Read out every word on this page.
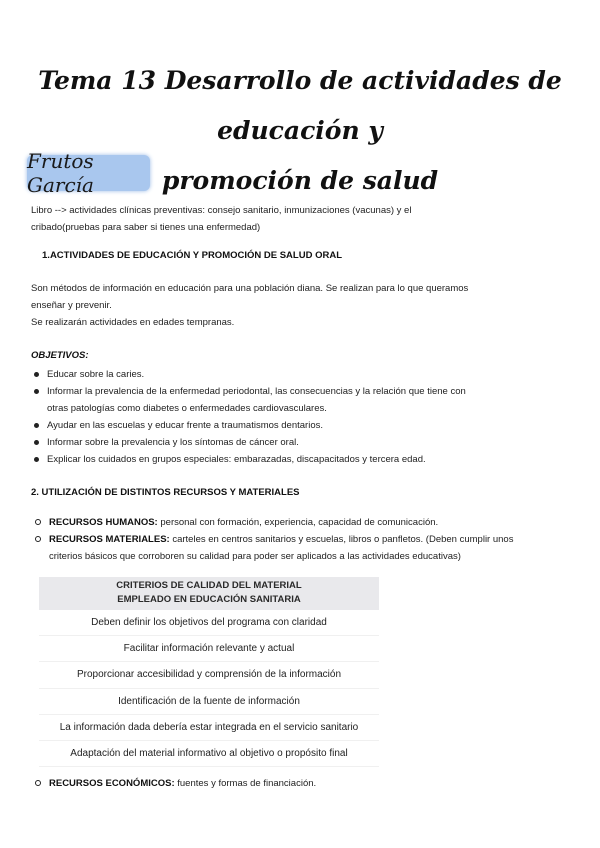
Tema 13 Desarrollo de actividades de educación y
promoción de salud
Frutos García
Libro --> actividades clínicas preventivas: consejo sanitario, inmunizaciones (vacunas) y el
cribado(pruebas para saber si tienes una enfermedad)
1.ACTIVIDADES DE EDUCACIÓN Y PROMOCIÓN DE SALUD ORAL
Son métodos de información en educación para una población diana. Se realizan para lo que queramos
enseñar y prevenir.
Se realizarán actividades en edades tempranas.
OBJETIVOS:
Educar sobre la caries.
Informar la prevalencia de la enfermedad periodontal, las consecuencias y la relación que tiene con
otras patologías como diabetes o enfermedades cardiovasculares.
Ayudar en las escuelas y educar frente a traumatismos dentarios.
Informar sobre la prevalencia y los síntomas de cáncer oral.
Explicar los cuidados en grupos especiales: embarazadas, discapacitados y tercera edad.
2. UTILIZACIÓN DE DISTINTOS RECURSOS Y MATERIALES
RECURSOS HUMANOS: personal con formación, experiencia, capacidad de comunicación.
RECURSOS MATERIALES: carteles en centros sanitarios y escuelas, libros o panfletos. (Deben cumplir unos
criterios básicos que corroboren su calidad para poder ser aplicados a las actividades educativas)
CRITERIOS DE CALIDAD DEL MATERIAL
EMPLEADO EN EDUCACIÓN SANITARIA

Deben definir los objetivos del programa con claridad
Facilitar información relevante y actual
Proporcionar accesibilidad y comprensión de la información
Identificación de la fuente de información
La información dada debería estar integrada en el servicio sanitario
Adaptación del material informativo al objetivo o propósito final
RECURSOS ECONÓMICOS: fuentes y formas de financiación.
